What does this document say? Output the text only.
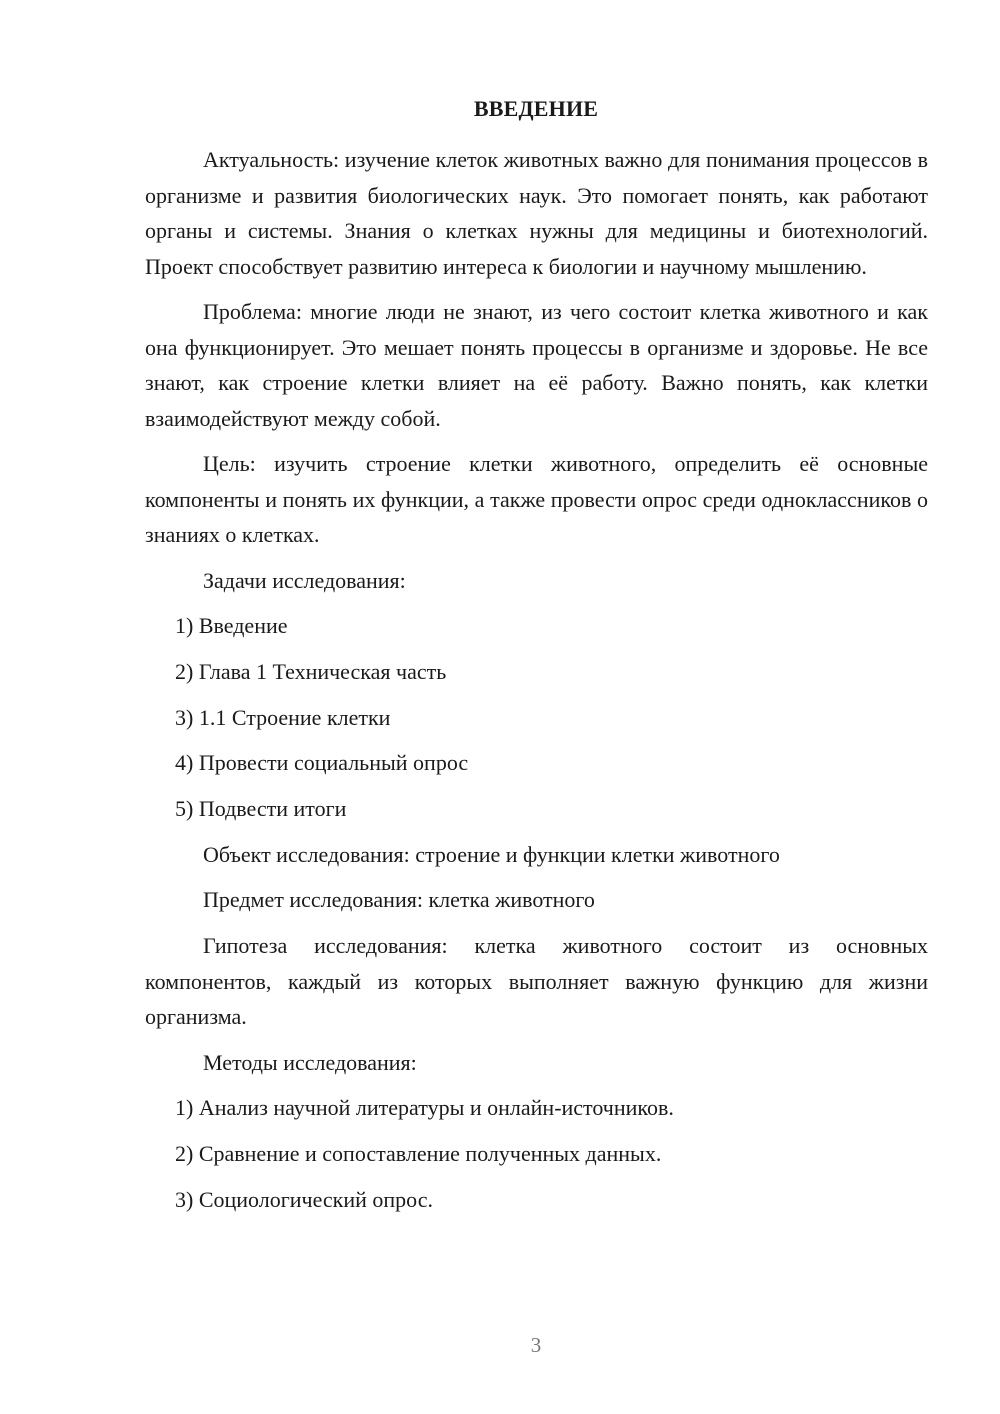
ВВЕДЕНИЕ

Актуальность: изучение клеток животных важно для понимания процессов в организме и развития биологических наук. Это помогает понять, как работают органы и системы. Знания о клетках нужны для медицины и биотехнологий. Проект способствует развитию интереса к биологии и научному мышлению.

Проблема: многие люди не знают, из чего состоит клетка животного и как она функционирует. Это мешает понять процессы в организме и здоровье. Не все знают, как строение клетки влияет на её работу. Важно понять, как клетки взаимодействуют между собой.

Цель: изучить строение клетки животного, определить её основные компоненты и понять их функции, а также провести опрос среди одноклассников о знаниях о клетках.

Задачи исследования:

1) Введение

2) Глава 1 Техническая часть

3) 1.1 Строение клетки

4) Провести социальный опрос

5) Подвести итоги

Объект исследования: строение и функции клетки животного

Предмет исследования: клетка животного

Гипотеза исследования: клетка животного состоит из основных компонентов, каждый из которых выполняет важную функцию для жизни организма.

Методы исследования:

1) Анализ научной литературы и онлайн-источников.

2) Сравнение и сопоставление полученных данных.

3) Социологический опрос.

3
